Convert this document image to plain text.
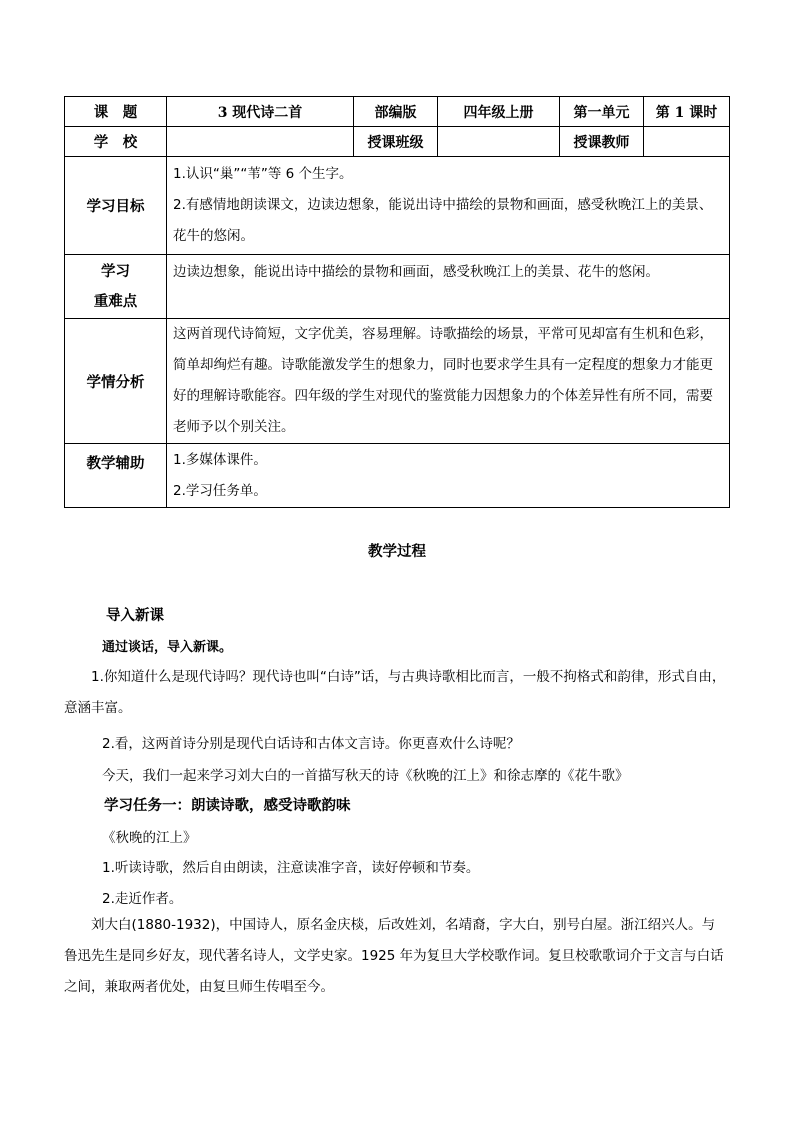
课　题	3 现代诗二首	部编版	四年级上册	第一单元	第 1 课时
学　校		授课班级		授课教师	
学习目标	1.认识“巢”“苇”等 6 个生字。

2.有感情地朗读课文，边读边想象，能说出诗中描绘的景物和画面，感受秋晚江上的美景、花牛的悠闲。				

学习
重难点	边读边想象，能说出诗中描绘的景物和画面，感受秋晚江上的美景、花牛的悠闲。				

学情分析	这两首现代诗简短，文字优美，容易理解。诗歌描绘的场景，平常可见却富有生机和色彩，简单却绚烂有趣。诗歌能激发学生的想象力，同时也要求学生具有一定程度的想象力才能更好的理解诗歌能容。四年级的学生对现代的鉴赏能力因想象力的个体差异性有所不同，需要老师予以个别关注。				

教学辅助	1.多媒体课件。

2.学习任务单。				

教学过程
导入新课
通过谈话，导入新课。

1.你知道什么是现代诗吗？现代诗也叫“白诗”话，与古典诗歌相比而言，一般不拘格式和韵律，形式自由，意涵丰富。

2.看，这两首诗分别是现代白话诗和古体文言诗。你更喜欢什么诗呢？
今天，我们一起来学习刘大白的一首描写秋天的诗《秋晚的江上》和徐志摩的《花牛歌》
学习任务一：朗读诗歌，感受诗歌韵味
《秋晚的江上》
1.听读诗歌，然后自由朗读，注意读准字音，读好停顿和节奏。
2.走近作者。

刘大白(1880-1932)，中国诗人，原名金庆棪，后改姓刘，名靖裔，字大白，别号白屋。浙江绍兴人。与鲁迅先生是同乡好友，现代著名诗人，文学史家。1925 年为复旦大学校歌作词。复旦校歌歌词介于文言与白话之间，兼取两者优处，由复旦师生传唱至今。
